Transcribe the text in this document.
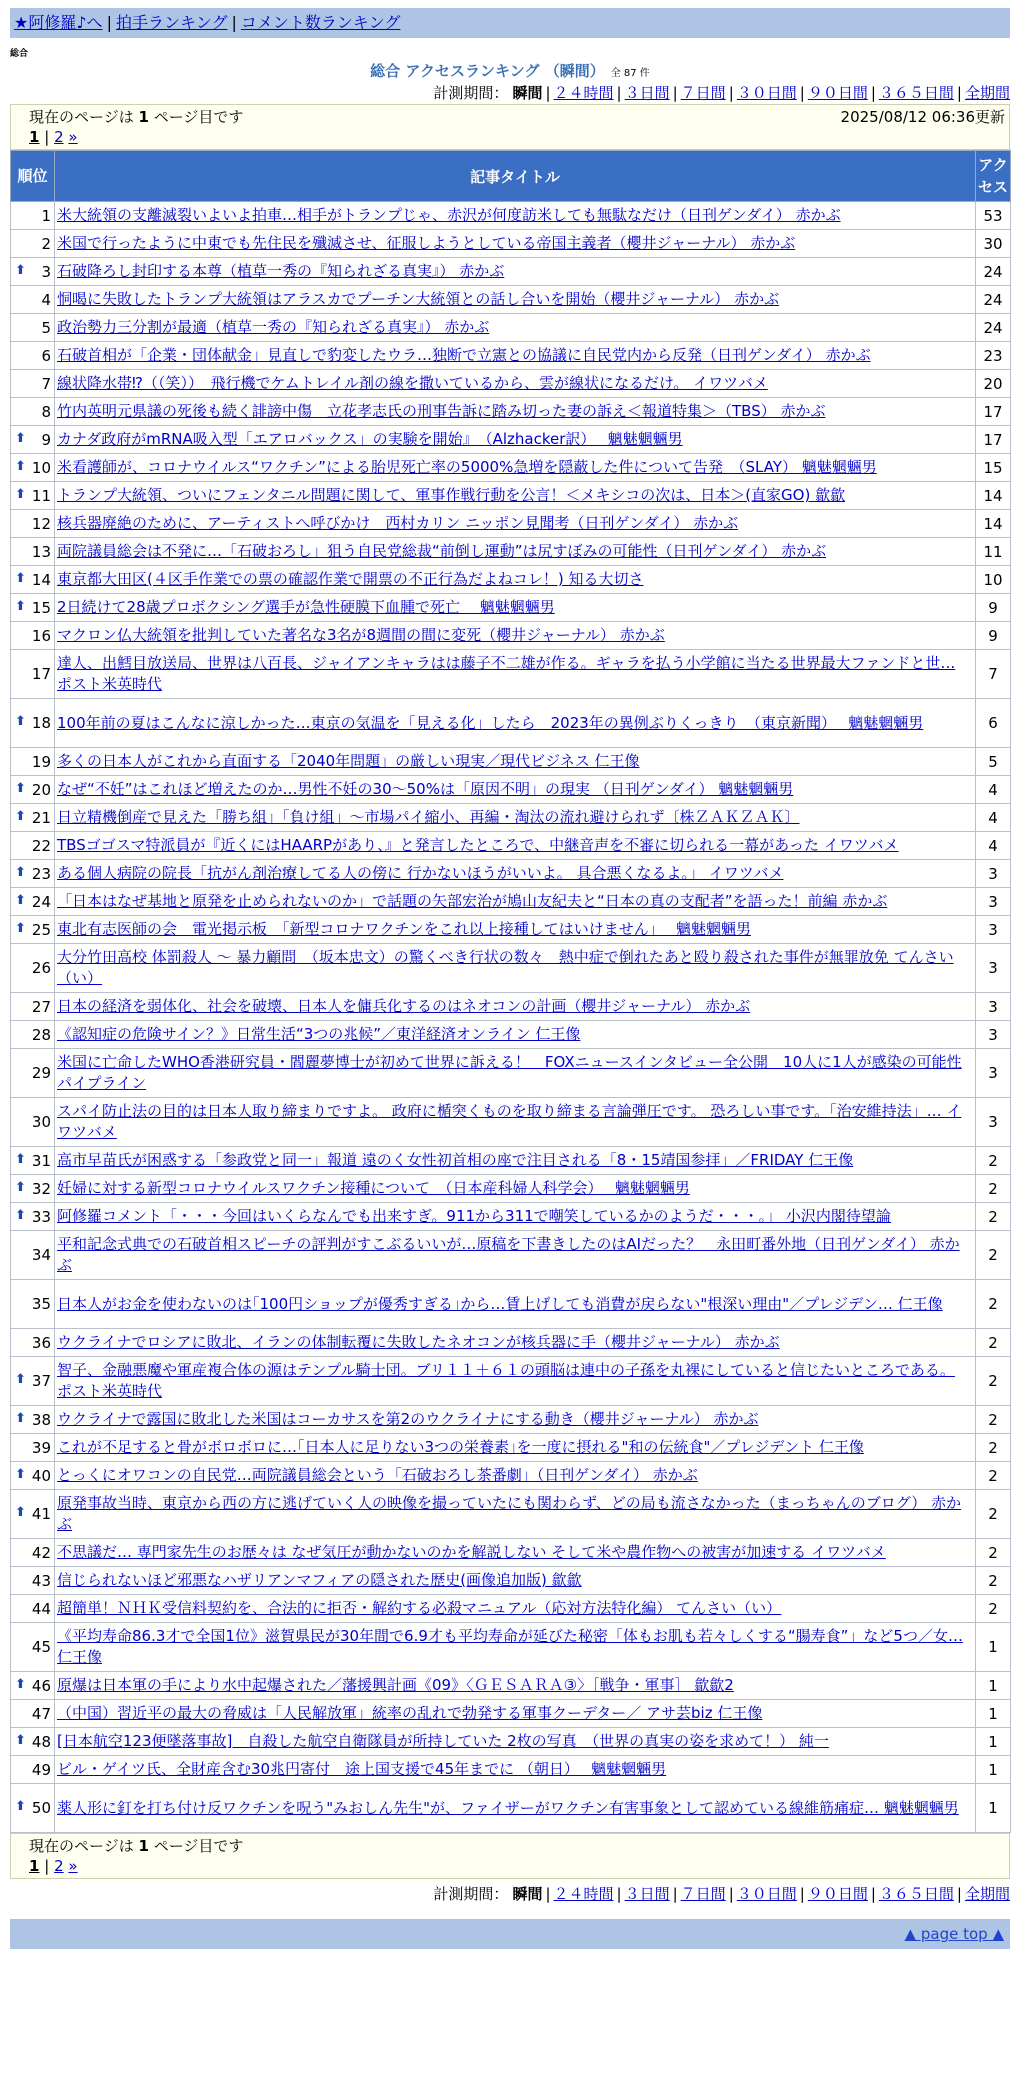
★阿修羅♪へ | 拍手ランキング | コメント数ランキング
総合
総合 アクセスランキング （瞬間） 全 87 件
計測期間： 瞬間 | ２４時間 | ３日間 | ７日間 | ３０日間 | ９０日間 | ３６５日間 | 全期間
現在のページは 1 ページ目です	2025/08/12 06:36更新
1 | 2 »
順位	記事タイトル	アクセス
1	米大統領の支離滅裂いよいよ拍車…相手がトランプじゃ、赤沢が何度訪米しても無駄なだけ（日刊ゲンダイ） 赤かぶ	53
2	米国で行ったように中東でも先住民を殲滅させ、征服しようとしている帝国主義者（櫻井ジャーナル） 赤かぶ	30

⬆ 3	石破降ろし封印する本尊（植草一秀の『知られざる真実』） 赤かぶ	24
4	恫喝に失敗したトランプ大統領はアラスカでプーチン大統領との話し合いを開始（櫻井ジャーナル） 赤かぶ	24
5	政治勢力三分割が最適（植草一秀の『知られざる真実』） 赤かぶ	24
6	石破首相が「企業・団体献金」見直しで豹変したウラ…独断で立憲との協議に自民党内から反発（日刊ゲンダイ） 赤かぶ	23
7	線状降水帯⁉（（笑））　飛行機でケムトレイル剤の線を撒いているから、雲が線状になるだけ。 イワツバメ	20
8	竹内英明元県議の死後も続く誹謗中傷　立花孝志氏の刑事告訴に踏み切った妻の訴え＜報道特集＞（TBS） 赤かぶ	17

⬆ 9	カナダ政府がmRNA吸入型「エアロバックス」の実験を開始』　（Alzhacker訳）　 魑魅魍魎男	17

⬆ 10	米看護師が、コロナウイルス“ワクチン”による胎児死亡率の5000%急増を隠蔽した件について告発　（SLAY） 魑魅魍魎男	15

⬆ 11	トランプ大統領、ついにフェンタニル問題に関して、軍事作戦行動を公言！＜メキシコの次は、日本＞(直家GO) 歙歙	14
12	核兵器廃絶のために、アーティストへ呼びかけ　西村カリン ニッポン見聞考（日刊ゲンダイ） 赤かぶ	14
13	両院議員総会は不発に…「石破おろし」狙う自民党総裁“前倒し運動”は尻すぼみの可能性（日刊ゲンダイ） 赤かぶ	11

⬆ 14	東京都大田区(４区手作業での票の確認作業で開票の不正行為だよねコレ！) 知る大切さ	10

⬆ 15	2日続けて28歳プロボクシング選手が急性硬膜下血腫で死亡　 魑魅魍魎男	9
16	マクロン仏大統領を批判していた著名な3名が8週間の間に変死（櫻井ジャーナル） 赤かぶ	9
17	達人、出鱈目放送局、世界は八百長、ジャイアンキャラはは藤子不二雄が作る。ギャラを払う小学館に当たる世界最大ファンドと世… ポスト米英時代	7

⬆ 18	100年前の夏はこんなに涼しかった…東京の気温を「見える化」したら　2023年の異例ぶりくっきり　（東京新聞）　 魑魅魍魎男	6
19	多くの日本人がこれから直面する「2040年問題」の厳しい現実／現代ビジネス 仁王像	5

⬆ 20	なぜ“不妊”はこれほど増えたのか…男性不妊の30〜50%は「原因不明」の現実 （日刊ゲンダイ） 魑魅魍魎男	4

⬆ 21	日立精機倒産で見えた「勝ち組」「負け組」〜市場パイ縮小、再編・淘汰の流れ避けられず〔株ＺＡＫＺＡＫ〕	4
22	TBSゴゴスマ特派員が『近くにはHAARPがあり、』と発言したところで、中継音声を不審に切られる一幕があった イワツバメ	4

⬆ 23	ある個人病院の院長「抗がん剤治療してる人の傍に 行かないほうがいいよ。 具合悪くなるよ。」 イワツバメ	3

⬆ 24	「日本はなぜ基地と原発を止められないのか」で話題の矢部宏治が鳩山友紀夫と“日本の真の支配者”を語った！前編 赤かぶ	3

⬆ 25	東北有志医師の会　電光掲示板　「新型コロナワクチンをこれ以上接種してはいけません」　 魑魅魍魎男	3
26	大分竹田高校 体罰殺人 〜 暴力顧問　（坂本忠文）の驚くべき行状の数々　熱中症で倒れたあと殴り殺された事件が無罪放免 てんさい（い）	3
27	日本の経済を弱体化、社会を破壊、日本人を傭兵化するのはネオコンの計画（櫻井ジャーナル） 赤かぶ	3
28	《認知症の危険サイン？》日常生活“3つの兆候”／東洋経済オンライン 仁王像	3
29	米国に亡命したWHO香港研究員・閻麗夢博士が初めて世界に訴える！　FOXニュースインタビュー全公開　10人に1人が感染の可能性 パイプライン	3
30	スパイ防止法の目的は日本人取り締まりですよ。 政府に楯突くものを取り締まる言論弾圧です。 恐ろしい事です。「治安維持法」… イワツバメ	3

⬆ 31	高市早苗氏が困惑する「参政党と同一」報道 遠のく女性初首相の座で注目される「8・15靖国参拝」／FRIDAY 仁王像	2

⬆ 32	妊婦に対する新型コロナウイルスワクチン接種について　（日本産科婦人科学会）　 魑魅魍魎男	2

⬆ 33	阿修羅コメント「・・・今回はいくらなんでも出来すぎ。911から311で嘲笑しているかのようだ・・・。」 小沢内閣待望論	2
34	平和記念式典での石破首相スピーチの評判がすこぶるいいが…原稿を下書きしたのはAIだった？　永田町番外地（日刊ゲンダイ） 赤かぶ	2
35	日本人がお金を使わないのは｢100円ショップが優秀すぎる｣から…賃上げしても消費が戻らない"根深い理由"／プレジデン… 仁王像	2
36	ウクライナでロシアに敗北、イランの体制転覆に失敗したネオコンが核兵器に手（櫻井ジャーナル） 赤かぶ	2

⬆ 37	智子、金融悪魔や軍産複合体の源はテンプル騎士団。ブリ１１＋６１の頭脳は連中の子孫を丸裸にしていると信じたいところである。 ポスト米英時代	2

⬆ 38	ウクライナで露国に敗北した米国はコーカサスを第2のウクライナにする動き（櫻井ジャーナル） 赤かぶ	2
39	これが不足すると骨がボロボロに…｢日本人に足りない3つの栄養素｣を一度に摂れる"和の伝統食"／プレジデント 仁王像	2

⬆ 40	とっくにオワコンの自民党…両院議員総会という「石破おろし茶番劇」（日刊ゲンダイ） 赤かぶ	2

⬆ 41	原発事故当時、東京から西の方に逃げていく人の映像を撮っていたにも関わらず、どの局も流さなかった（まっちゃんのブログ） 赤かぶ	2
42	不思議だ… 専門家先生のお歴々は なぜ気圧が動かないのかを解説しない そして米や農作物への被害が加速する イワツバメ	2
43	信じられないほど邪悪なハザリアンマフィアの隠された歴史(画像追加版) 歙歙	2
44	超簡単！ＮＨＫ受信料契約を、合法的に拒否・解約する必殺マニュアル（応対方法特化編） てんさい（い）	2
45	《平均寿命86.3才で全国1位》滋賀県民が30年間で6.9才も平均寿命が延びた秘密「体もお肌も若々しくする“腸寿食”」など5つ／女… 仁王像	1

⬆ 46	原爆は日本軍の手により水中起爆された／藩援興計画《09》〈ＧＥＳＡＲＡ③〉［戦争・軍事］ 歙歙2	1
47	（中国）習近平の最大の脅威は「人民解放軍」統率の乱れで勃発する軍事クーデター／ アサ芸biz 仁王像	1

⬆ 48	[日本航空123便墜落事故]　自殺した航空自衛隊員が所持していた 2枚の写真　（世界の真実の姿を求めて！） 純一	1
49	ビル・ゲイツ氏、全財産含む30兆円寄付　途上国支援で45年までに （朝日）　 魑魅魍魎男	1

⬆ 50	薬人形に釘を打ち付け反ワクチンを呪う"みおしん先生"が、ファイザーがワクチン有害事象として認めている線維筋痛症… 魑魅魍魎男	1
現在のページは 1 ページ目です
1 | 2 »
計測期間： 瞬間 | ２４時間 | ３日間 | ７日間 | ３０日間 | ９０日間 | ３６５日間 | 全期間
▲ page top ▲
